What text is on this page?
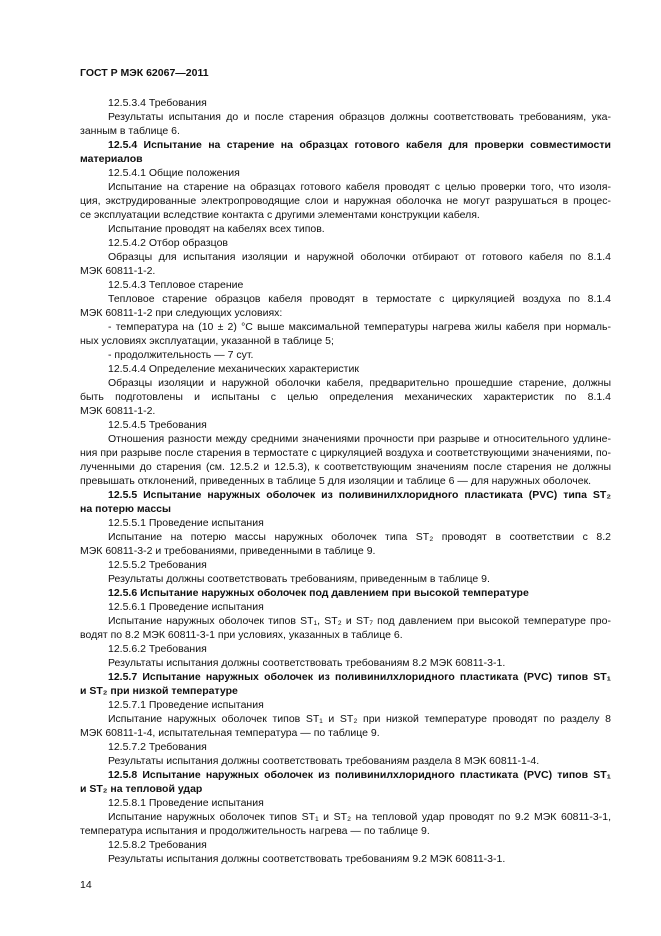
ГОСТ Р МЭК 62067—2011
12.5.3.4 Требования
Результаты испытания до и после старения образцов должны соответствовать требованиям, ука-
занным в таблице 6.
12.5.4 Испытание на старение на образцах готового кабеля для проверки совместимости
материалов
12.5.4.1 Общие положения
Испытание на старение на образцах готового кабеля проводят с целью проверки того, что изоля-
ция, экструдированные электропроводящие слои и наружная оболочка не могут разрушаться в процес-
се эксплуатации вследствие контакта с другими элементами конструкции кабеля.
Испытание проводят на кабелях всех типов.
12.5.4.2 Отбор образцов
Образцы для испытания изоляции и наружной оболочки отбирают от готового кабеля по 8.1.4
МЭК 60811-1-2.
12.5.4.3 Тепловое старение
Тепловое старение образцов кабеля проводят в термостате с циркуляцией воздуха по 8.1.4
МЭК 60811-1-2 при следующих условиях:
- температура на (10 ± 2) °С выше максимальной температуры нагрева жилы кабеля при нормаль-
ных условиях эксплуатации, указанной в таблице 5;
- продолжительность — 7 сут.
12.5.4.4 Определение механических характеристик
Образцы изоляции и наружной оболочки кабеля, предварительно прошедшие старение, должны
быть подготовлены и испытаны с целью определения механических характеристик по 8.1.4
МЭК 60811-1-2.
12.5.4.5 Требования
Отношения разности между средними значениями прочности при разрыве и относительного удлине-
ния при разрыве после старения в термостате с циркуляцией воздуха и соответствующими значениями, по-
лученными до старения (см. 12.5.2 и 12.5.3), к соответствующим значениям после старения не должны
превышать отклонений, приведенных в таблице 5 для изоляции и таблице 6 — для наружных оболочек.
12.5.5 Испытание наружных оболочек из поливинилхлоридного пластиката (PVC) типа ST₂
на потерю массы
12.5.5.1 Проведение испытания
Испытание на потерю массы наружных оболочек типа ST₂ проводят в соответствии с 8.2
МЭК 60811-3-2 и требованиями, приведенными в таблице 9.
12.5.5.2 Требования
Результаты должны соответствовать требованиям, приведенным в таблице 9.
12.5.6 Испытание наружных оболочек под давлением при высокой температуре
12.5.6.1 Проведение испытания
Испытание наружных оболочек типов ST₁, ST₂ и ST₇ под давлением при высокой температуре про-
водят по 8.2 МЭК 60811-3-1 при условиях, указанных в таблице 6.
12.5.6.2 Требования
Результаты испытания должны соответствовать требованиям 8.2 МЭК 60811-3-1.
12.5.7 Испытание наружных оболочек из поливинилхлоридного пластиката (PVC) типов ST₁
и ST₂ при низкой температуре
12.5.7.1 Проведение испытания
Испытание наружных оболочек типов ST₁ и ST₂ при низкой температуре проводят по разделу 8
МЭК 60811-1-4, испытательная температура — по таблице 9.
12.5.7.2 Требования
Результаты испытания должны соответствовать требованиям раздела 8 МЭК 60811-1-4.
12.5.8 Испытание наружных оболочек из поливинилхлоридного пластиката (PVC) типов ST₁
и ST₂ на тепловой удар
12.5.8.1 Проведение испытания
Испытание наружных оболочек типов ST₁ и ST₂ на тепловой удар проводят по 9.2 МЭК 60811-3-1,
температура испытания и продолжительность нагрева — по таблице 9.
12.5.8.2 Требования
Результаты испытания должны соответствовать требованиям 9.2 МЭК 60811-3-1.
14
